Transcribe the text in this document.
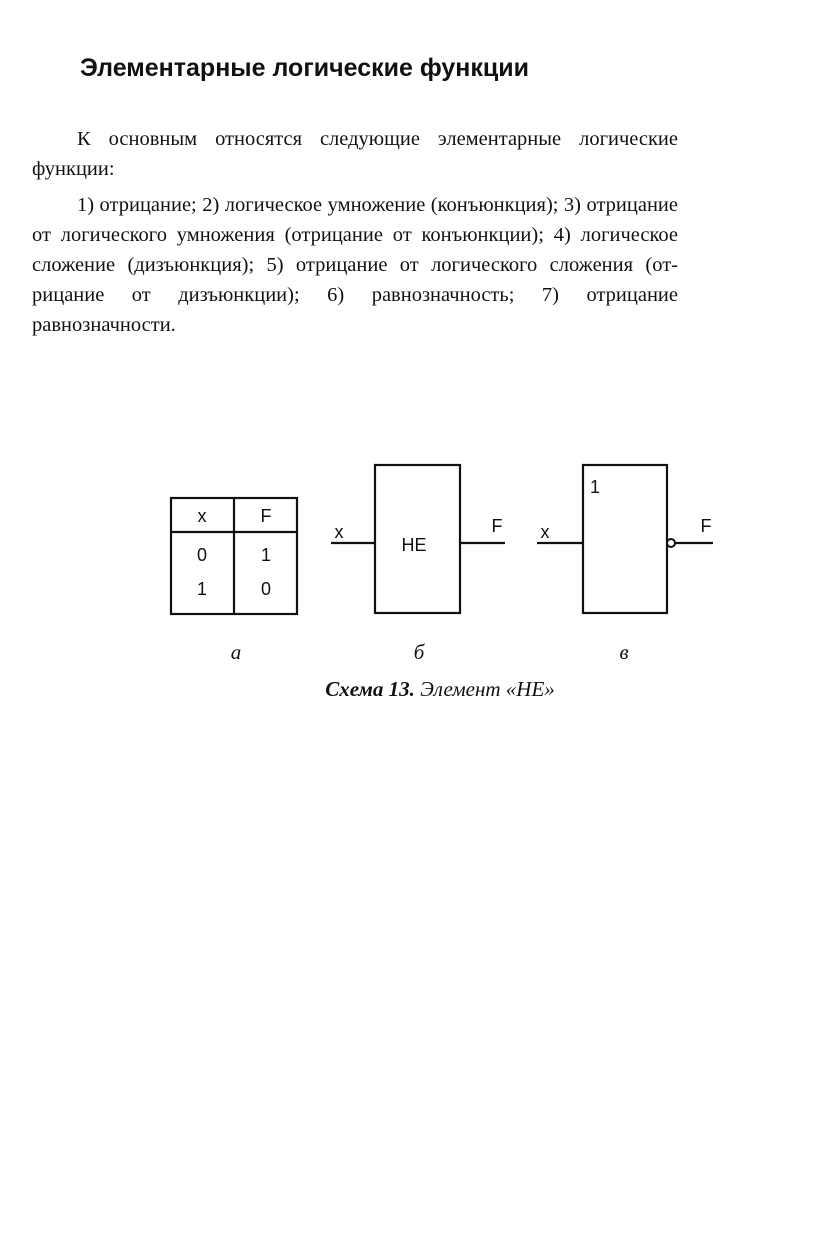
Элементарные логические функции

К основным относятся следующие элементарные логические функции:

1) отрицание; 2) логическое умножение (конъюнкция); 3) отрицание от логического умножения (отрицание от конъюнкции); 4) логическое сложение (дизъюнкция); 5) отрицание от логического сложения (отрицание от дизъюнкции); 6) равнозначность; 7) отрицание равнозначности.

x	F
0	1
1	0
x	F
НЕ
x	F
1
а	б	в
Схема 13. Элемент «НЕ»
